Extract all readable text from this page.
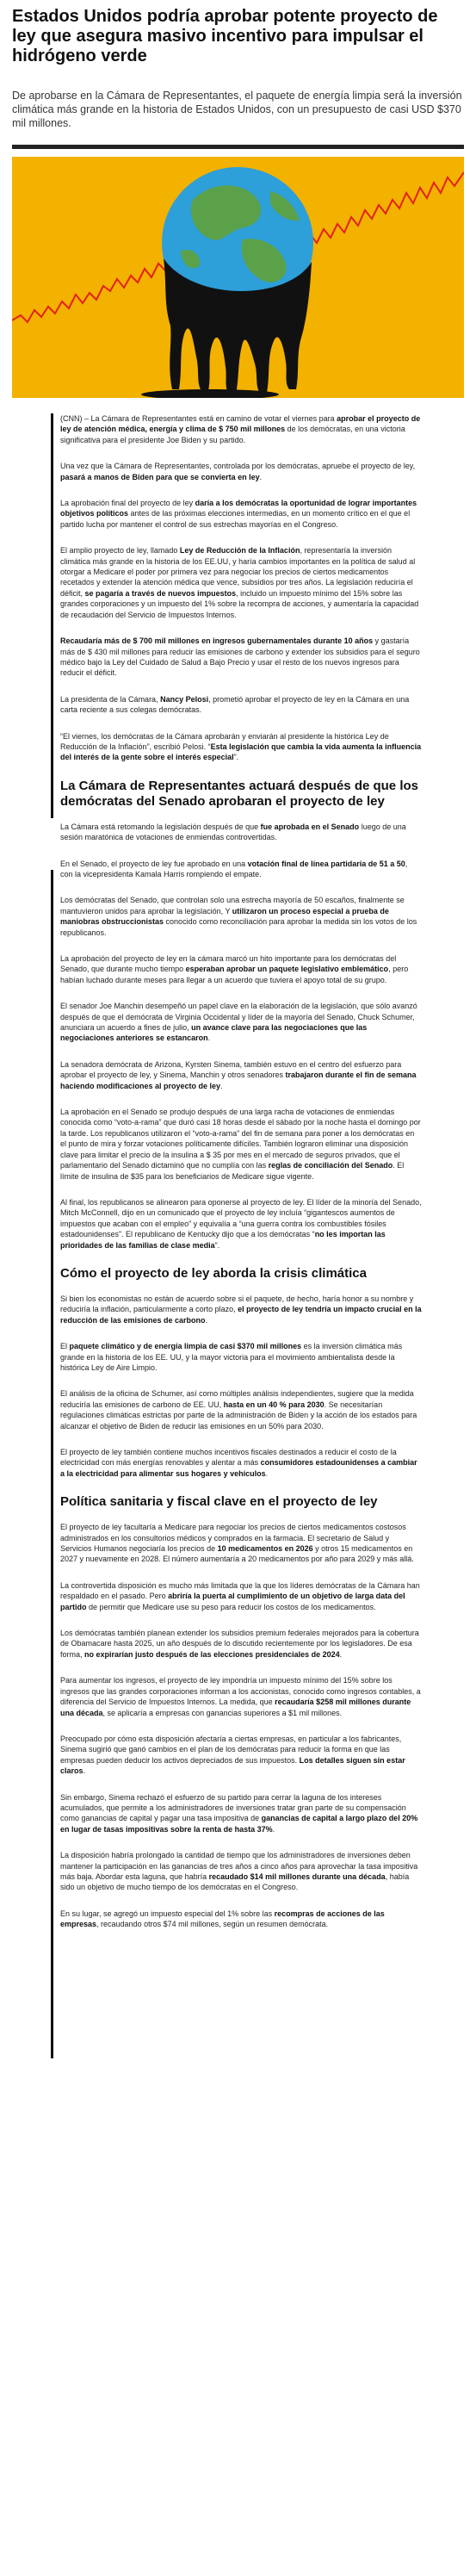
Estados Unidos podría aprobar potente proyecto de ley que asegura masivo incentivo para impulsar el hidrógeno verde

De aprobarse en la Cámara de Representantes, el paquete de energía limpia será la inversión climática más grande en la historia de Estados Unidos, con un presupuesto de casi USD $370 mil millones.

(CNN) – La Cámara de Representantes está en camino de votar el viernes para aprobar el proyecto de ley de atención médica, energía y clima de $ 750 mil millones de los demócratas, en una victoria significativa para el presidente Joe Biden y su partido.

Una vez que la Cámara de Representantes, controlada por los demócratas, apruebe el proyecto de ley, pasará a manos de Biden para que se convierta en ley.

La aprobación final del proyecto de ley daría a los demócratas la oportunidad de lograr importantes objetivos políticos antes de las próximas elecciones intermedias, en un momento crítico en el que el partido lucha por mantener el control de sus estrechas mayorías en el Congreso.

El amplio proyecto de ley, llamado Ley de Reducción de la Inflación, representaría la inversión climática más grande en la historia de los EE.UU, y haría cambios importantes en la política de salud al otorgar a Medicare el poder por primera vez para negociar los precios de ciertos medicamentos recetados y extender la atención médica que vence, subsidios por tres años. La legislación reduciría el déficit, se pagaría a través de nuevos impuestos, incluido un impuesto mínimo del 15% sobre las grandes corporaciones y un impuesto del 1% sobre la recompra de acciones, y aumentaría la capacidad de recaudación del Servicio de Impuestos Internos.

Recaudaría más de $ 700 mil millones en ingresos gubernamentales durante 10 años y gastaría más de $ 430 mil millones para reducir las emisiones de carbono y extender los subsidios para el seguro médico bajo la Ley del Cuidado de Salud a Bajo Precio y usar el resto de los nuevos ingresos para reducir el déficit.

La presidenta de la Cámara, Nancy Pelosi, prometió aprobar el proyecto de ley en la Cámara en una carta reciente a sus colegas demócratas.

“El viernes, los demócratas de la Cámara aprobarán y enviarán al presidente la histórica Ley de Reducción de la Inflación”, escribió Pelosi. “Esta legislación que cambia la vida aumenta la influencia del interés de la gente sobre el interés especial”.

La Cámara de Representantes actuará después de que los demócratas del Senado aprobaran el proyecto de ley

La Cámara está retomando la legislación después de que fue aprobada en el Senado luego de una sesión maratónica de votaciones de enmiendas controvertidas.

En el Senado, el proyecto de ley fue aprobado en una votación final de línea partidaria de 51 a 50, con la vicepresidenta Kamala Harris rompiendo el empate.

Los demócratas del Senado, que controlan solo una estrecha mayoría de 50 escaños, finalmente se mantuvieron unidos para aprobar la legislación, Y utilizaron un proceso especial a prueba de maniobras obstruccionistas conocido como reconciliación para aprobar la medida sin los votos de los republicanos.

La aprobación del proyecto de ley en la cámara marcó un hito importante para los demócratas del Senado, que durante mucho tiempo esperaban aprobar un paquete legislativo emblemático, pero habían luchado durante meses para llegar a un acuerdo que tuviera el apoyo total de su grupo.

El senador Joe Manchin desempeñó un papel clave en la elaboración de la legislación, que sólo avanzó después de que el demócrata de Virginia Occidental y líder de la mayoría del Senado, Chuck Schumer, anunciara un acuerdo a fines de julio, un avance clave para las negociaciones que las negociaciones anteriores se estancaron.

La senadora demócrata de Arizona, Kyrsten Sinema, también estuvo en el centro del esfuerzo para aprobar el proyecto de ley, y Sinema, Manchin y otros senadores trabajaron durante el fin de semana haciendo modificaciones al proyecto de ley.

La aprobación en el Senado se produjo después de una larga racha de votaciones de enmiendas conocida como “voto-a-rama” que duró casi 18 horas desde el sábado por la noche hasta el domingo por la tarde. Los republicanos utilizaron el “voto-a-rama” del fin de semana para poner a los demócratas en el punto de mira y forzar votaciones políticamente difíciles. También lograron eliminar una disposición clave para limitar el precio de la insulina a $ 35 por mes en el mercado de seguros privados, que el parlamentario del Senado dictaminó que no cumplía con las reglas de conciliación del Senado. El límite de insulina de $35 para los beneficiarios de Medicare sigue vigente.

Al final, los republicanos se alinearon para oponerse al proyecto de ley. El líder de la minoría del Senado, Mitch McConnell, dijo en un comunicado que el proyecto de ley incluía “gigantescos aumentos de impuestos que acaban con el empleo” y equivalía a “una guerra contra los combustibles fósiles estadounidenses”. El republicano de Kentucky dijo que a los demócratas “no les importan las prioridades de las familias de clase media”.

Cómo el proyecto de ley aborda la crisis climática

Si bien los economistas no están de acuerdo sobre si el paquete, de hecho, haría honor a su nombre y reduciría la inflación, particularmente a corto plazo, el proyecto de ley tendría un impacto crucial en la reducción de las emisiones de carbono.

El paquete climático y de energía limpia de casi $370 mil millones es la inversión climática más grande en la historia de los EE. UU, y la mayor victoria para el movimiento ambientalista desde la histórica Ley de Aire Limpio.

El análisis de la oficina de Schumer, así como múltiples análisis independientes, sugiere que la medida reduciría las emisiones de carbono de EE. UU, hasta en un 40 % para 2030. Se necesitarían regulaciones climáticas estrictas por parte de la administración de Biden y la acción de los estados para alcanzar el objetivo de Biden de reducir las emisiones en un 50% para 2030.

El proyecto de ley también contiene muchos incentivos fiscales destinados a reducir el costo de la electricidad con más energías renovables y alentar a más consumidores estadounidenses a cambiar a la electricidad para alimentar sus hogares y vehículos.

Política sanitaria y fiscal clave en el proyecto de ley

El proyecto de ley facultaría a Medicare para negociar los precios de ciertos medicamentos costosos administrados en los consultorios médicos y comprados en la farmacia. El secretario de Salud y Servicios Humanos negociaría los precios de 10 medicamentos en 2026 y otros 15 medicamentos en 2027 y nuevamente en 2028. El número aumentaría a 20 medicamentos por año para 2029 y más allá.

La controvertida disposición es mucho más limitada que la que los líderes demócratas de la Cámara han respaldado en el pasado. Pero abriría la puerta al cumplimiento de un objetivo de larga data del partido de permitir que Medicare use su peso para reducir los costos de los medicamentos.

Los demócratas también planean extender los subsidios premium federales mejorados para la cobertura de Obamacare hasta 2025, un año después de lo discutido recientemente por los legisladores. De esa forma, no expirarían justo después de las elecciones presidenciales de 2024.

Para aumentar los ingresos, el proyecto de ley impondría un impuesto mínimo del 15% sobre los ingresos que las grandes corporaciones informan a los accionistas, conocido como ingresos contables, a diferencia del Servicio de Impuestos Internos. La medida, que recaudaría $258 mil millones durante una década, se aplicaría a empresas con ganancias superiores a $1 mil millones.

Preocupado por cómo esta disposición afectaría a ciertas empresas, en particular a los fabricantes, Sinema sugirió que ganó cambios en el plan de los demócratas para reducir la forma en que las empresas pueden deducir los activos depreciados de sus impuestos. Los detalles siguen sin estar claros.

Sin embargo, Sinema rechazó el esfuerzo de su partido para cerrar la laguna de los intereses acumulados, que permite a los administradores de inversiones tratar gran parte de su compensación como ganancias de capital y pagar una tasa impositiva de ganancias de capital a largo plazo del 20% en lugar de tasas impositivas sobre la renta de hasta 37%.

La disposición habría prolongado la cantidad de tiempo que los administradores de inversiones deben mantener la participación en las ganancias de tres años a cinco años para aprovechar la tasa impositiva más baja. Abordar esta laguna, que habría recaudado $14 mil millones durante una década, había sido un objetivo de mucho tiempo de los demócratas en el Congreso.

En su lugar, se agregó un impuesto especial del 1% sobre las recompras de acciones de las empresas, recaudando otros $74 mil millones, según un resumen demócrata.
